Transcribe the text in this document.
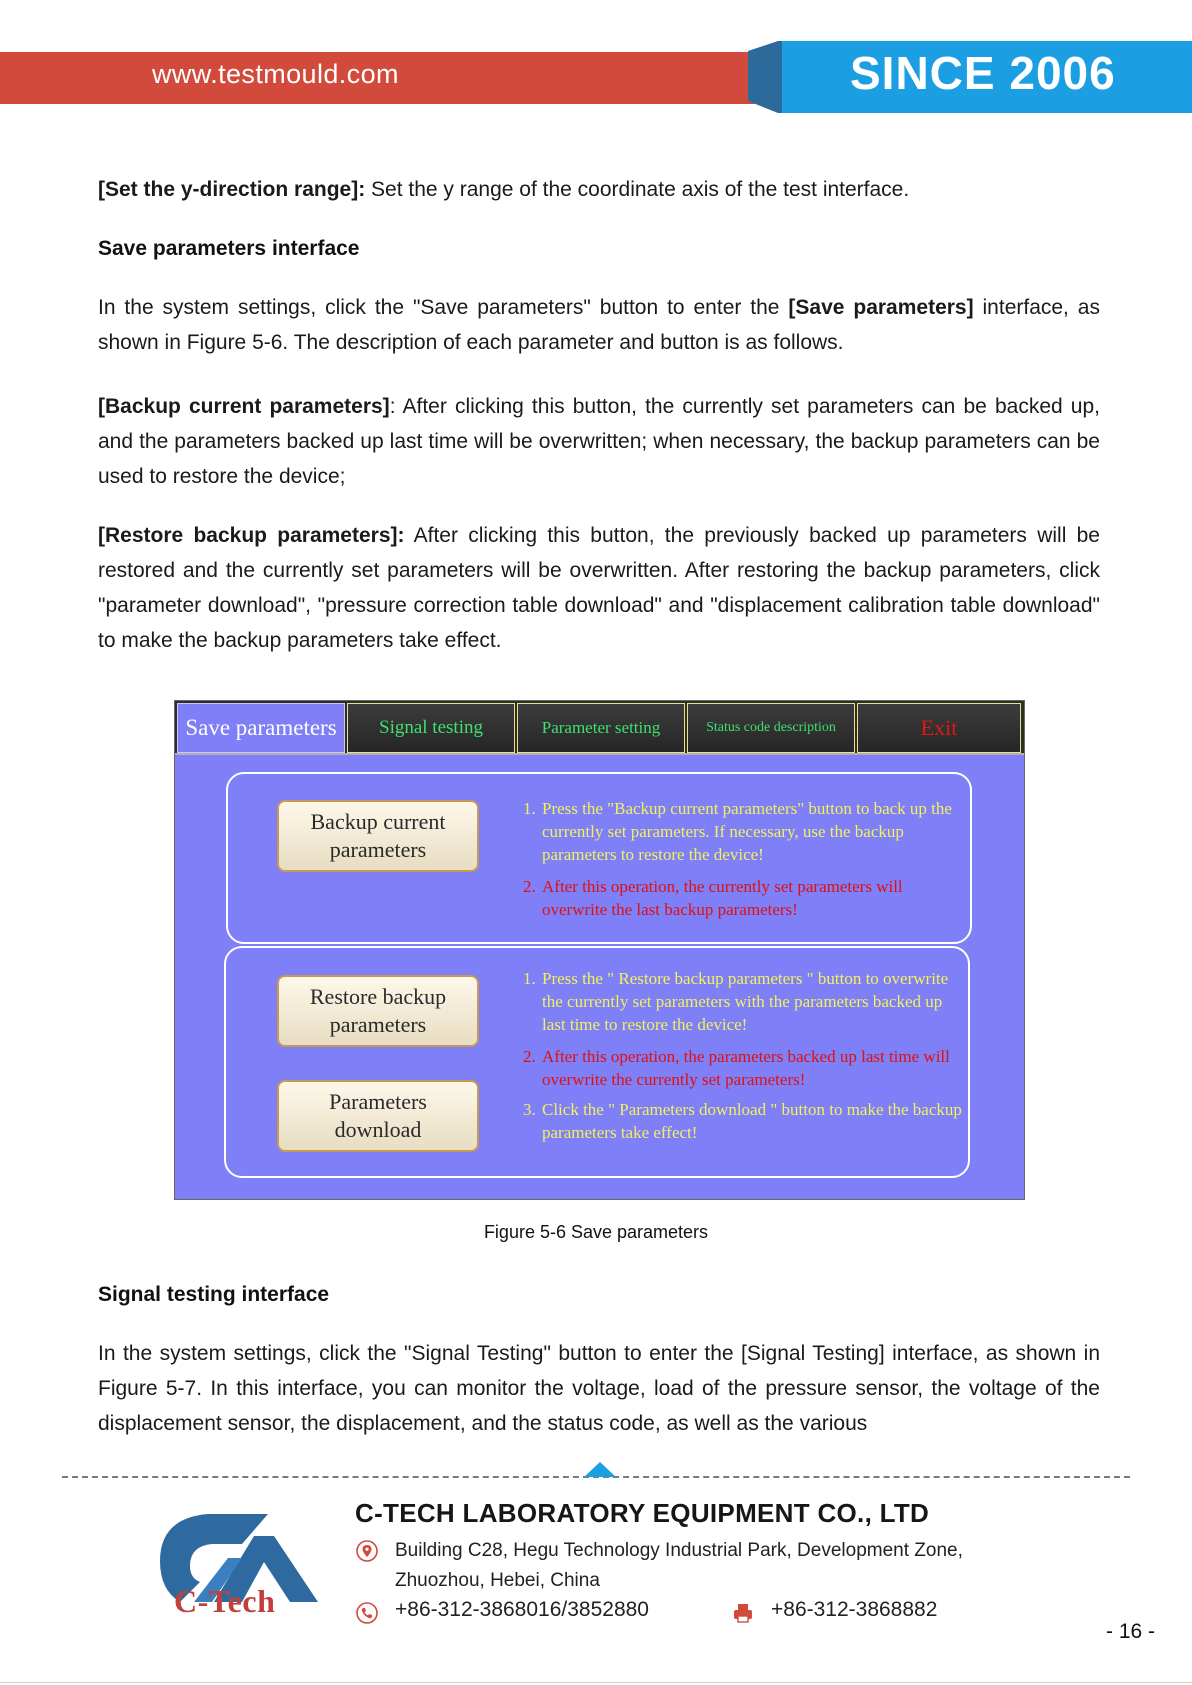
www.testmould.com	SINCE 2006
[Set the y-direction range]: Set the y range of the coordinate axis of the test interface.
Save parameters interface
In the system settings, click the "Save parameters" button to enter the [Save parameters] interface, as shown in Figure 5-6. The description of each parameter and button is as follows.
[Backup current parameters]: After clicking this button, the currently set parameters can be backed up, and the parameters backed up last time will be overwritten; when necessary, the backup parameters can be used to restore the device;
[Restore backup parameters]: After clicking this button, the previously backed up parameters will be restored and the currently set parameters will be overwritten. After restoring the backup parameters, click "parameter download", "pressure correction table download" and "displacement calibration table download" to make the backup parameters take effect.
Save parameters	Signal testing	Parameter setting	Status code description	Exit
Backup current
parameters
Restore backup
parameters
Parameters
download
1. Press the "Backup current parameters" button to back up the currently set parameters. If necessary, use the backup parameters to restore the device!
2. After this operation, the currently set parameters will overwrite the last backup parameters!
1. Press the " Restore backup parameters " button to overwrite the currently set parameters with the parameters backed up last time to restore the device!
2. After this operation, the parameters backed up last time will overwrite the currently set parameters!
3. Click the " Parameters download " button to make the backup parameters take effect!
Figure 5-6 Save parameters
Signal testing interface
In the system settings, click the "Signal Testing" button to enter the [Signal Testing] interface, as shown in Figure 5-7. In this interface, you can monitor the voltage, load of the pressure sensor, the voltage of the displacement sensor, the displacement, and the status code, as well as the various
C-Tech
C-TECH LABORATORY EQUIPMENT CO., LTD
Building C28, Hegu Technology Industrial Park, Development Zone,
Zhuozhou, Hebei, China
+86-312-3868016/3852880	+86-312-3868882
- 16 -
